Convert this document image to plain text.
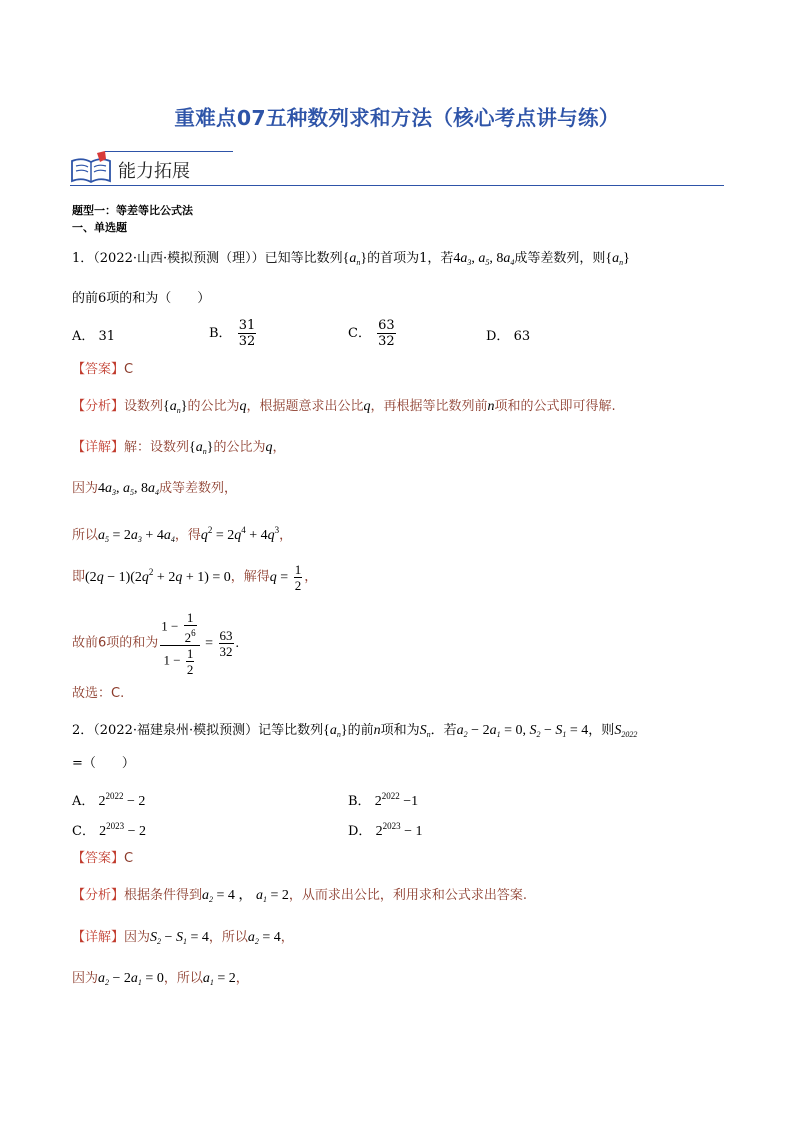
重难点07五种数列求和方法（核心考点讲与练）
能力拓展
题型一：等差等比公式法
一、单选题
1．（2022·山西·模拟预测（理））已知等比数列$\{a_n\}$的首项为1，若$4a_3$, $a_5$, $8a_4$成等差数列，则$\{a_n\}$
的前6项的和为（　　）
A． 31	B． $\frac{31}{32}$	C． $\frac{63}{32}$	D． 63
【答案】C
【分析】设数列$\{a_n\}$的公比为q，根据题意求出公比q，再根据等比数列前n项和的公式即可得解.
【详解】解：设数列$\{a_n\}$的公比为q，
因为$4a_3$, $a_5$, $8a_4$成等差数列，
所以$a_5 = 2a_3 + 4a_4$，得$q^2 = 2q^4 + 4q^3$，
即$(2q - 1)(2q^2 + 2q + 1) = 0$，解得$q = \frac{1}{2}$ ，
故前6项的和为 $\frac{1 - \frac{1}{2^6}}{1 - \frac{1}{2}} = \frac{63}{32}$ .
故选：C.
2．（2022·福建泉州·模拟预测）记等比数列$\{a_n\}$的前n项和为$S_n$．若$a_2 - 2a_1 = 0$, $S_2 - S_1 = 4$，则$S_{2022}$
=（　　）
A． $2^{2022} - 2$	B． $2^{2022} -1$
C． $2^{2023} - 2$	D． $2^{2023} - 1$
【答案】C
【分析】根据条件得到$a_2 = 4$ ， $a_1 = 2$，从而求出公比，利用求和公式求出答案.
【详解】因为$S_2 - S_1 = 4$，所以$a_2 = 4$，
因为$a_2 - 2a_1 = 0$，所以$a_1 = 2$，
